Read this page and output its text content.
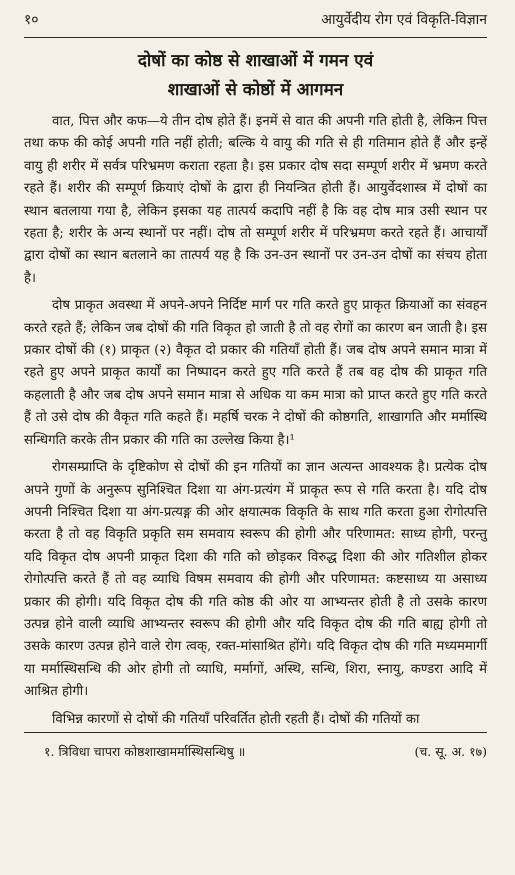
१०	आयुर्वेदीय रोग एवं विकृति-विज्ञान
दोषों का कोष्ठ से शाखाओं में गमन एवं
शाखाओं से कोष्ठों में आगमन

वात, पित्त और कफ—ये तीन दोष होते हैं। इनमें से वात की अपनी गति होती है, लेकिन पित्त तथा कफ की कोई अपनी गति नहीं होती; बल्कि ये वायु की गति से ही गतिमान होते हैं और इन्हें वायु ही शरीर में सर्वत्र परिभ्रमण कराता रहता है। इस प्रकार दोष सदा सम्पूर्ण शरीर में भ्रमण करते रहते हैं। शरीर की सम्पूर्ण क्रियाएं दोषों के द्वारा ही नियन्त्रित होती हैं। आयुर्वेदशास्त्र में दोषों का स्थान बतलाया गया है, लेकिन इसका यह तात्पर्य कदापि नहीं है कि वह दोष मात्र उसी स्थान पर रहता है; शरीर के अन्य स्थानों पर नहीं। दोष तो सम्पूर्ण शरीर में परिभ्रमण करते रहते हैं। आचार्यों द्वारा दोषों का स्थान बतलाने का तात्पर्य यह है कि उन-उन स्थानों पर उन-उन दोषों का संचय होता है।

दोष प्राकृत अवस्था में अपने-अपने निर्दिष्ट मार्ग पर गति करते हुए प्राकृत क्रियाओं का संवहन करते रहते हैं; लेकिन जब दोषों की गति विकृत हो जाती है तो वह रोगों का कारण बन जाती है। इस प्रकार दोषों की (१) प्राकृत (२) वैकृत दो प्रकार की गतियाँ होती हैं। जब दोष अपने समान मात्रा में रहते हुए अपने प्राकृत कार्यों का निष्पादन करते हुए गति करते हैं तब वह दोष की प्राकृत गति कहलाती है और जब दोष अपने समान मात्रा से अधिक या कम मात्रा को प्राप्त करते हुए गति करते हैं तो उसे दोष की वैकृत गति कहते हैं। महर्षि चरक ने दोषों की कोष्ठगति, शाखागति और मर्मास्थि सन्धिगति करके तीन प्रकार की गति का उल्लेख किया है।¹

रोगसम्प्राप्ति के दृष्टिकोण से दोषों की इन गतियों का ज्ञान अत्यन्त आवश्यक है। प्रत्येक दोष अपने गुणों के अनुरूप सुनिश्चित दिशा या अंग-प्रत्यंग में प्राकृत रूप से गति करता है। यदि दोष अपनी निश्चित दिशा या अंग-प्रत्यङ्ग की ओर क्षयात्मक विकृति के साथ गति करता हुआ रोगोत्पत्ति करता है तो वह विकृति प्रकृति सम समवाय स्वरूप की होगी और परिणामत: साध्य होगी, परन्तु यदि विकृत दोष अपनी प्राकृत दिशा की गति को छोड़कर विरुद्ध दिशा की ओर गतिशील होकर रोगोत्पत्ति करते हैं तो वह व्याधि विषम समवाय की होगी और परिणामत: कष्टसाध्य या असाध्य प्रकार की होगी। यदि विकृत दोष की गति कोष्ठ की ओर या आभ्यन्तर होती है तो उसके कारण उत्पन्न होने वाली व्याधि आभ्यन्तर स्वरूप की होगी और यदि विकृत दोष की गति बाह्य होगी तो उसके कारण उत्पन्न होने वाले रोग त्वक्, रक्त-मांसाश्रित होंगे। यदि विकृत दोष की गति मध्यममार्गी या मर्मास्थिसन्धि की ओर होगी तो व्याधि, मर्मागों, अस्थि, सन्धि, शिरा, स्नायु, कण्डरा आदि में आश्रित होगी।

विभिन्न कारणों से दोषों की गतियाँ परिवर्तित होती रहती हैं। दोषों की गतियों का

१. त्रिविधा चापरा कोष्ठशाखामर्मास्थिसन्धिषु ॥	(च. सू. अ. १७)
